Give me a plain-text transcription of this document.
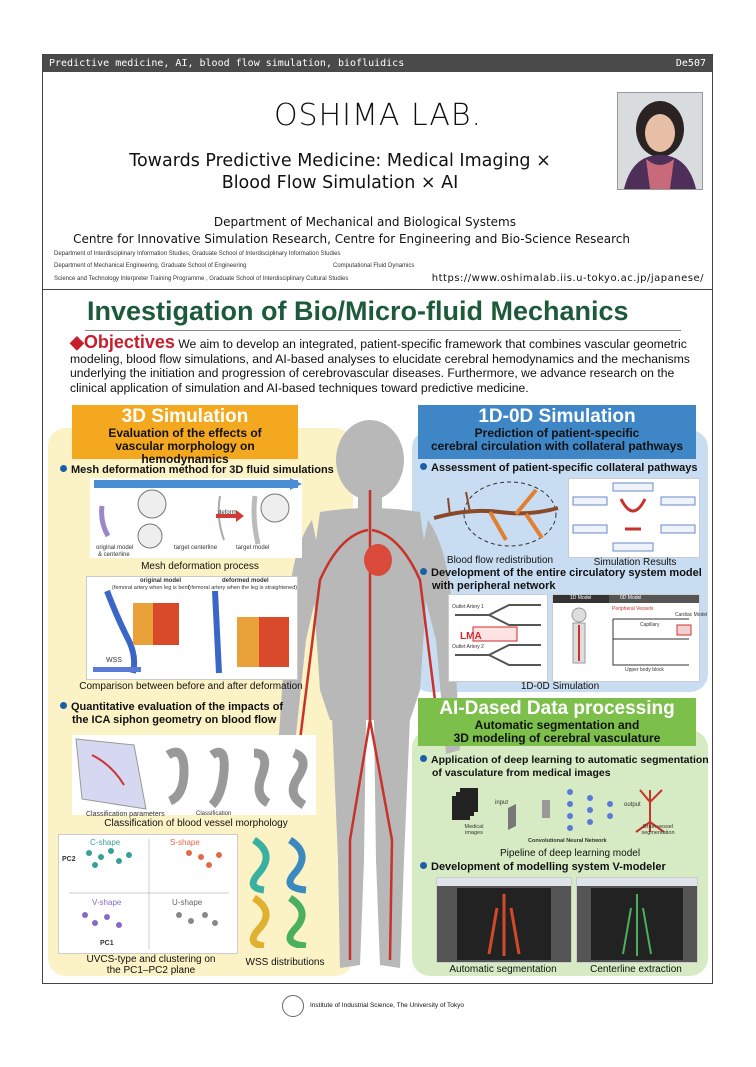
Predictive medicine, AI, blood flow simulation, biofluidics	De507
OSHIMA LAB.
Towards Predictive Medicine: Medical Imaging ×
Blood Flow Simulation × AI
Department of Mechanical and Biological Systems
Centre for Innovative Simulation Research, Centre for Engineering and Bio-Science Research
Department of Interdisciplinary Information Studies, Graduate School of Interdisciplinary Information Studies
Department of Mechanical Engineering, Graduate School of Engineering
Science and Technology Interpreter Training Programme , Graduate School of Interdisciplinary Cultural Studies
Computational Fluid Dynamics
https://www.oshimalab.iis.u-tokyo.ac.jp/japanese/
Investigation of Bio/Micro-fluid Mechanics
◆Objectives We aim to develop an integrated, patient-specific framework that combines vascular geometric modeling, blood flow simulations, and AI-based analyses to elucidate cerebral hemodynamics and the mechanisms underlying the initiation and progression of cerebrovascular diseases. Furthermore, we advance research on the clinical application of simulation and AI-based techniques toward predictive medicine.
3D Simulation
Evaluation of the effects of
vascular morphology on hemodynamics
Mesh deformation method for 3D fluid simulations
original model
& centerline
target centerline
deform
target model
Mesh deformation process
original model
(femoral artery when leg is bent)
deformed model
( femoral artery when the leg is straightened)
WSS
Comparison between before and after deformation
Quantitative evaluation of the impacts of
the ICA siphon geometry on blood flow
Classification parameters	Classification
Classification of blood vessel morphology
C-shape	S-shape
V-shape	U-shape
PC1
PC2
UVCS-type and clustering on
the PC1–PC2 plane
WSS distributions
1D-0D Simulation
Prediction of patient-specific
cerebral circulation with collateral pathways
Assessment of patient-specific collateral pathways
Blood flow redistribution	Simulation Results
Development of the entire circulatory system model
with peripheral network
LMA
Outlet Artery 1
Outlet Artery 2
1D Model	0D Model
Peripheral Vessels
Capillary
Cardiac Model
Upper body block
1D-0D Simulation
AI-Dased Data processing
Automatic segmentation and
3D modeling of cerebral vasculature
Application of deep learning to automatic segmentation
of vasculature from medical images
input	output
Medical images
Convolutional Neural Network
Brain vessel segmentation
Pipeline of deep learning model
Development of modelling system V-modeler
Automatic segmentation	Centerline extraction
Institute of Industrial Science, The University of Tokyo
